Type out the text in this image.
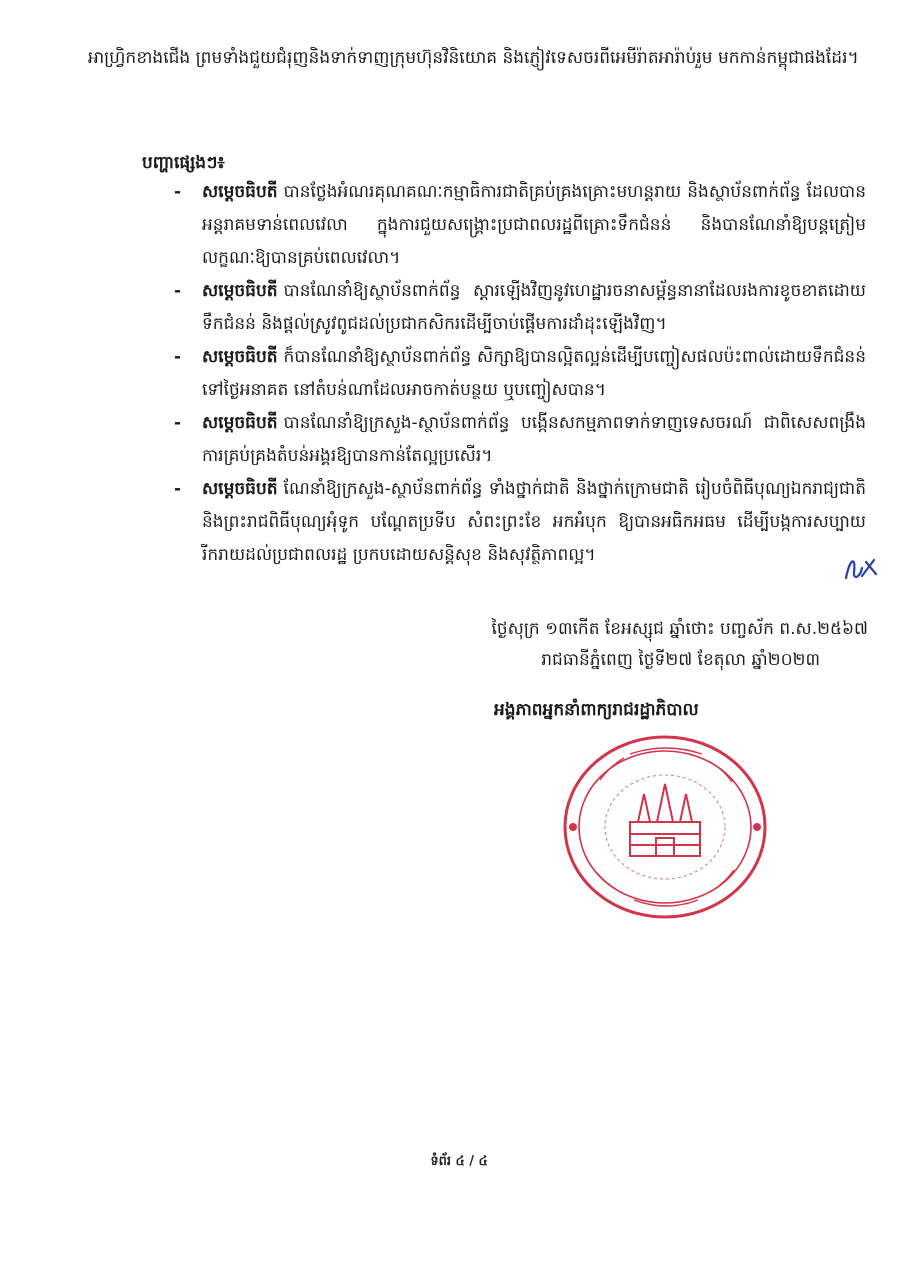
អាហ្វ្រិកខាងជើង ព្រមទាំងជួយជំរុញនិងទាក់ទាញក្រុមហ៊ុនវិនិយោគ និងភ្ញៀវទេសចរពីអេមីរ៉ាតអារ៉ាប់រួម មកកាន់កម្ពុជាផងដែរ។

បញ្ហាផ្សេងៗ៖
- សម្តេចធិបតី បានថ្លែងអំណរគុណគណៈកម្មាធិការជាតិគ្រប់គ្រងគ្រោះមហន្តរាយ និងស្ថាប័នពាក់ព័ន្ធ ដែលបានអន្តរាគមទាន់ពេលវេលា ក្នុងការជួយសង្គ្រោះប្រជាពលរដ្ឋពីគ្រោះទឹកជំនន់ និងបានណែនាំឱ្យបន្តត្រៀមលក្ខណៈឱ្យបានគ្រប់ពេលវេលា។
- សម្តេចធិបតី បានណែនាំឱ្យស្ថាប័នពាក់ព័ន្ធ ស្តារឡើងវិញនូវហេដ្ឋារចនាសម្ព័ន្ធនានាដែលរងការខូចខាតដោយទឹកជំនន់ និងផ្តល់ស្រូវពូជដល់ប្រជាកសិករដើម្បីចាប់ផ្តើមការដាំដុះឡើងវិញ។
- សម្តេចធិបតី ក៏បានណែនាំឱ្យស្ថាប័នពាក់ព័ន្ធ សិក្សាឱ្យបានល្អិតល្អន់ដើម្បីបញ្ចៀសផលប៉ះពាល់ដោយទឹកជំនន់ទៅថ្ងៃអនាគត នៅតំបន់ណាដែលអាចកាត់បន្ថយ ឬបញ្ចៀសបាន។
- សម្តេចធិបតី បានណែនាំឱ្យក្រសួង-ស្ថាប័នពាក់ព័ន្ធ បង្កើនសកម្មភាពទាក់ទាញទេសចរណ៍ ជាពិសេសពង្រឹងការគ្រប់គ្រងតំបន់អង្គរឱ្យបានកាន់តែល្អប្រសើរ។
- សម្តេចធិបតី ណែនាំឱ្យក្រសួង-ស្ថាប័នពាក់ព័ន្ធ ទាំងថ្នាក់ជាតិ និងថ្នាក់ក្រោមជាតិ រៀបចំពិធីបុណ្យឯករាជ្យជាតិ និងព្រះរាជពិធីបុណ្យអុំទូក បណ្តែតប្រទីប សំពះព្រះខែ អកអំបុក ឱ្យបានអធិកអធម ដើម្បីបង្កការសប្បាយរីករាយដល់ប្រជាពលរដ្ឋ ប្រកបដោយសន្តិសុខ និងសុវត្ថិភាពល្អ។
ថ្ងៃសុក្រ ១៣កើត ខែអស្សុជ ឆ្នាំថោះ បញ្ចស័ក ព.ស.២៥៦៧
រាជធានីភ្នំពេញ ថ្ងៃទី២៧ ខែតុលា ឆ្នាំ២០២៣
អង្គភាពអ្នកនាំពាក្យរាជរដ្ឋាភិបាល
ទំព័រ ៤ / ៤
